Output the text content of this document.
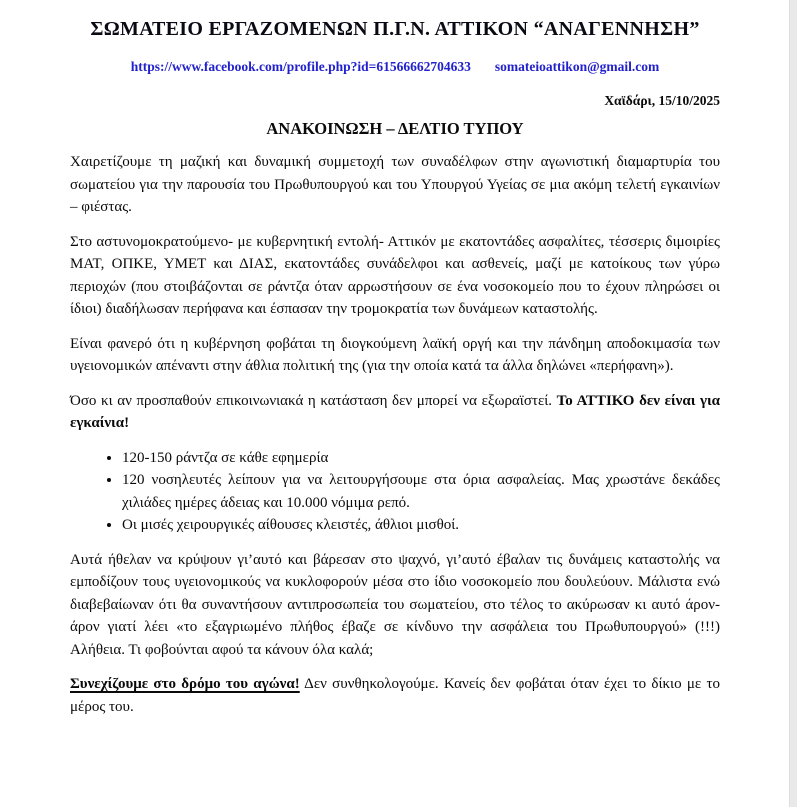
ΣΩΜΑΤΕΙΟ ΕΡΓΑΖΟΜΕΝΩΝ Π.Γ.Ν. ΑΤΤΙΚΟΝ “ΑΝΑΓΕΝΝΗΣΗ”
https://www.facebook.com/profile.php?id=61566662704633 somateioattikon@gmail.com
Χαϊδάρι, 15/10/2025
ΑΝΑΚΟΙΝΩΣΗ – ΔΕΛΤΙΟ ΤΥΠΟΥ

Χαιρετίζουμε τη μαζική και δυναμική συμμετοχή των συναδέλφων στην αγωνιστική διαμαρτυρία του σωματείου για την παρουσία του Πρωθυπουργού και του Υπουργού Υγείας σε μια ακόμη τελετή εγκαινίων – φιέστας.

Στο αστυνομοκρατούμενο- με κυβερνητική εντολή- Αττικόν με εκατοντάδες ασφαλίτες, τέσσερις διμοιρίες ΜΑΤ, ΟΠΚΕ, ΥΜΕΤ και ΔΙΑΣ, εκατοντάδες συνάδελφοι και ασθενείς, μαζί με κατοίκους των γύρω περιοχών (που στοιβάζονται σε ράντζα όταν αρρωστήσουν σε ένα νοσοκομείο που το έχουν πληρώσει οι ίδιοι) διαδήλωσαν περήφανα και έσπασαν την τρομοκρατία των δυνάμεων καταστολής.

Είναι φανερό ότι η κυβέρνηση φοβάται τη διογκούμενη λαϊκή οργή και την πάνδημη αποδοκιμασία των υγειονομικών απέναντι στην άθλια πολιτική της (για την οποία κατά τα άλλα δηλώνει «περήφανη»).

Όσο κι αν προσπαθούν επικοινωνιακά η κατάσταση δεν μπορεί να εξωραϊστεί. Το ΑΤΤΙΚΟ δεν είναι για εγκαίνια!

• 120-150 ράντζα σε κάθε εφημερία
• 120 νοσηλευτές λείπουν για να λειτουργήσουμε στα όρια ασφαλείας. Μας χρωστάνε δεκάδες χιλιάδες ημέρες άδειας και 10.000 νόμιμα ρεπό.
• Οι μισές χειρουργικές αίθουσες κλειστές, άθλιοι μισθοί.

Αυτά ήθελαν να κρύψουν γι’αυτό και βάρεσαν στο ψαχνό, γι’αυτό έβαλαν τις δυνάμεις καταστολής να εμποδίζουν τους υγειονομικούς να κυκλοφορούν μέσα στο ίδιο νοσοκομείο που δουλεύουν. Μάλιστα ενώ διαβεβαίωναν ότι θα συναντήσουν αντιπροσωπεία του σωματείου, στο τέλος το ακύρωσαν κι αυτό άρον- άρον γιατί λέει «το εξαγριωμένο πλήθος έβαζε σε κίνδυνο την ασφάλεια του Πρωθυπουργού» (!!!) Αλήθεια. Τι φοβούνται αφού τα κάνουν όλα καλά;

Συνεχίζουμε στο δρόμο του αγώνα! Δεν συνθηκολογούμε. Κανείς δεν φοβάται όταν έχει το δίκιο με το μέρος του.
